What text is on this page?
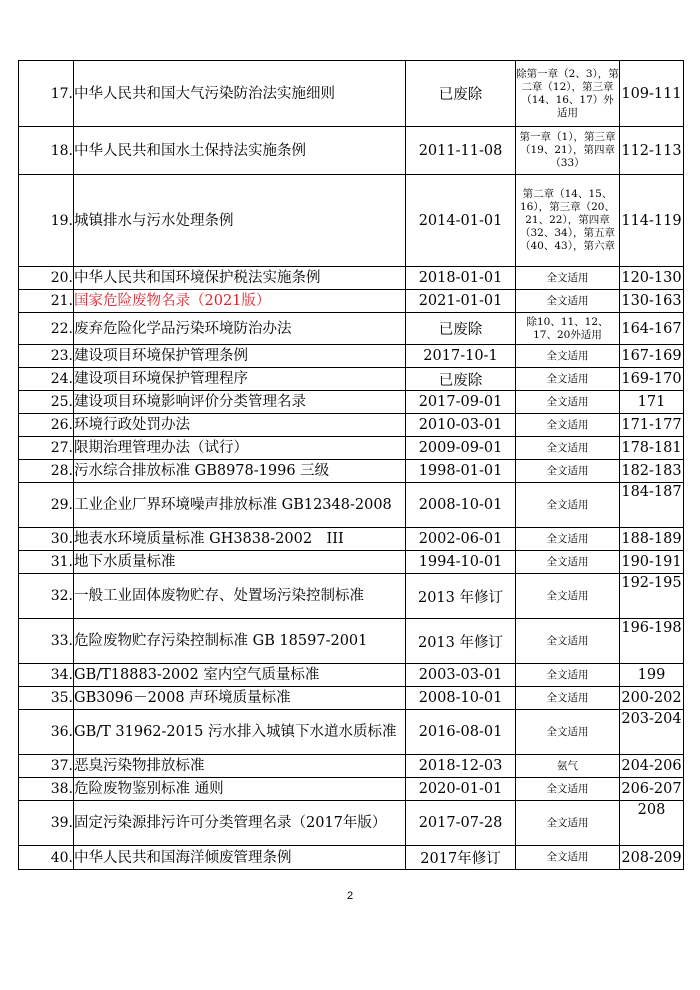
17.	中华人民共和国大气污染防治法实施细则	已废除	除第一章（2、3），第二章（12），第三章（14、16、17）外适用	109-111
18.	中华人民共和国水土保持法实施条例	2011-11-08	第一章（1），第三章（19、21），第四章（33）	112-113
19.	城镇排水与污水处理条例	2014-01-01	第二章（14、15、16），第三章（20、21、22），第四章（32、34），第五章（40、43），第六章	114-119
20.	中华人民共和国环境保护税法实施条例	2018-01-01	全文适用	120-130
21.	国家危险废物名录（2021版）	2021-01-01	全文适用	130-163
22.	废弃危险化学品污染环境防治办法	已废除	除10、11、12、17、20外适用	164-167
23.	建设项目环境保护管理条例	2017-10-1	全文适用	167-169
24.	建设项目环境保护管理程序	已废除	全文适用	169-170
25.	建设项目环境影响评价分类管理名录	2017-09-01	全文适用	171
26.	环境行政处罚办法	2010-03-01	全文适用	171-177
27.	限期治理管理办法（试行）	2009-09-01	全文适用	178-181
28.	污水综合排放标准 GB8978-1996 三级	1998-01-01	全文适用	182-183
29.	工业企业厂界环境噪声排放标准 GB12348-2008	2008-10-01	全文适用	184-187
30.	地表水环境质量标准 GH3838-2002　III	2002-06-01	全文适用	188-189
31.	地下水质量标准	1994-10-01	全文适用	190-191
32.	一般工业固体废物贮存、处置场污染控制标准	2013 年修订	全文适用	192-195
33.	危险废物贮存污染控制标准 GB 18597-2001	2013 年修订	全文适用	196-198
34.	GB/T18883-2002 室内空气质量标准	2003-03-01	全文适用	199
35.	GB3096－2008 声环境质量标准	2008-10-01	全文适用	200-202
36.	GB/T 31962-2015 污水排入城镇下水道水质标准	2016-08-01	全文适用	203-204
37.	恶臭污染物排放标准	2018-12-03	氨气	204-206
38.	危险废物鉴别标准 通则	2020-01-01	全文适用	206-207
39.	固定污染源排污许可分类管理名录（2017年版）	2017-07-28	全文适用	208
40.	中华人民共和国海洋倾废管理条例	2017年修订	全文适用	208-209
2
